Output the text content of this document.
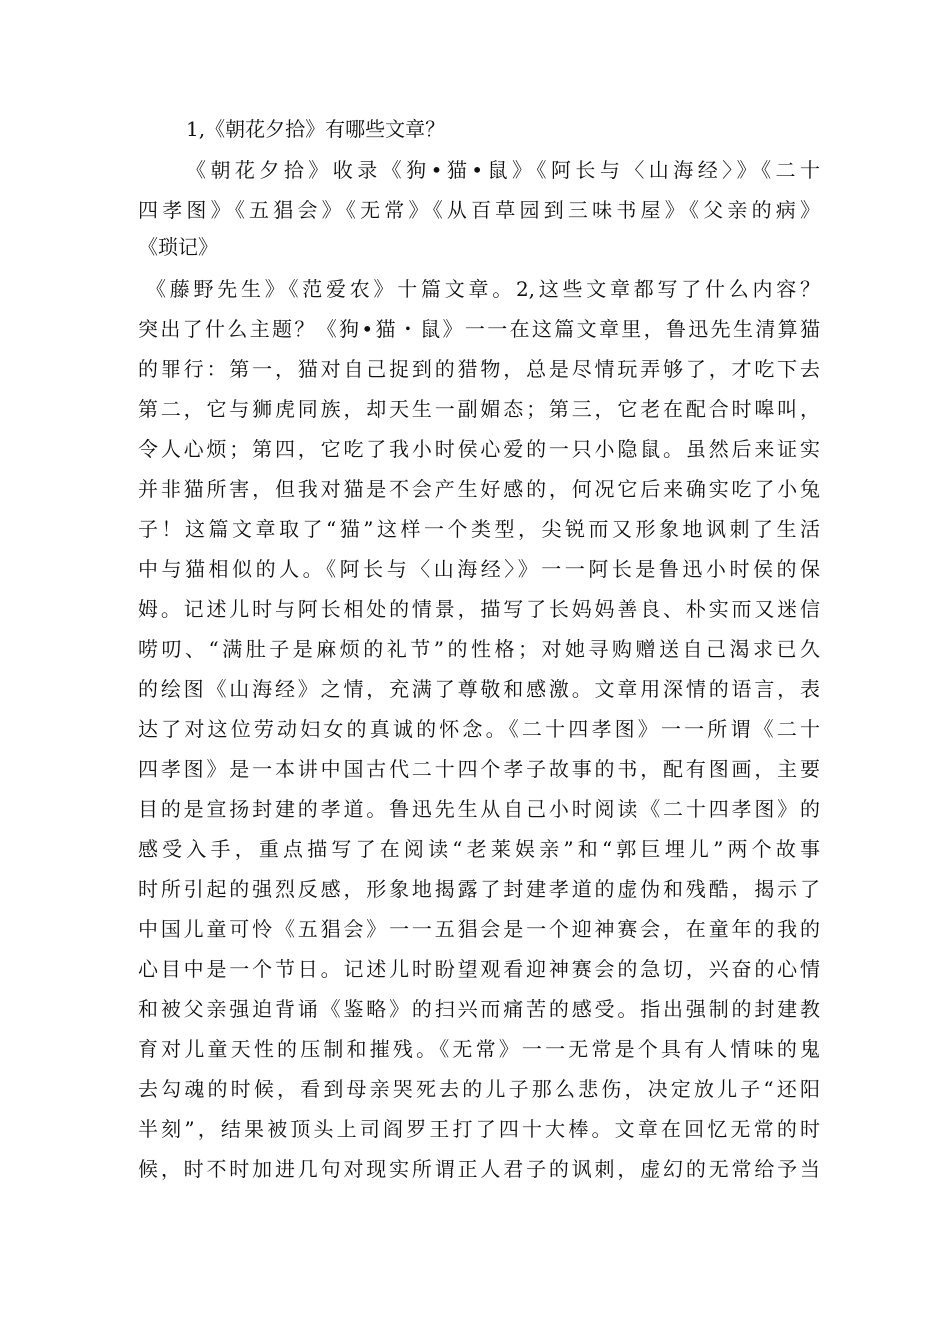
1,《朝花夕拾》有哪些文章？
《朝花夕拾》收录《狗•猫•鼠》《阿长与〈山海经〉》《二十
四孝图》《五猖会》《无常》《从百草园到三味书屋》《父亲的病》
《琐记》
《藤野先生》《范爱农》十篇文章。2,这些文章都写了什么内容？
突出了什么主题？《狗•猫・鼠》一一在这篇文章里，鲁迅先生清算猫
的罪行：第一，猫对自己捉到的猎物，总是尽情玩弄够了，才吃下去
第二，它与狮虎同族，却天生一副媚态；第三，它老在配合时嗥叫，
令人心烦；第四，它吃了我小时侯心爱的一只小隐鼠。虽然后来证实
并非猫所害，但我对猫是不会产生好感的，何况它后来确实吃了小兔
子！这篇文章取了“猫”这样一个类型，尖锐而又形象地讽刺了生活
中与猫相似的人。《阿长与〈山海经〉》一一阿长是鲁迅小时侯的保
姆。记述儿时与阿长相处的情景，描写了长妈妈善良、朴实而又迷信
唠叨、“满肚子是麻烦的礼节”的性格；对她寻购赠送自己渴求已久
的绘图《山海经》之情，充满了尊敬和感激。文章用深情的语言，表
达了对这位劳动妇女的真诚的怀念。《二十四孝图》一一所谓《二十
四孝图》是一本讲中国古代二十四个孝子故事的书，配有图画，主要
目的是宣扬封建的孝道。鲁迅先生从自己小时阅读《二十四孝图》的
感受入手，重点描写了在阅读“老莱娱亲”和“郭巨埋儿”两个故事
时所引起的强烈反感，形象地揭露了封建孝道的虚伪和残酷，揭示了
中国儿童可怜《五猖会》一一五猖会是一个迎神赛会，在童年的我的
心目中是一个节日。记述儿时盼望观看迎神赛会的急切，兴奋的心情
和被父亲强迫背诵《鉴略》的扫兴而痛苦的感受。指出强制的封建教
育对儿童天性的压制和摧残。《无常》一一无常是个具有人情味的鬼
去勾魂的时候，看到母亲哭死去的儿子那么悲伤，决定放儿子“还阳
半刻”，结果被顶头上司阎罗王打了四十大棒。文章在回忆无常的时
候，时不时加进几句对现实所谓正人君子的讽刺，虚幻的无常给予当
